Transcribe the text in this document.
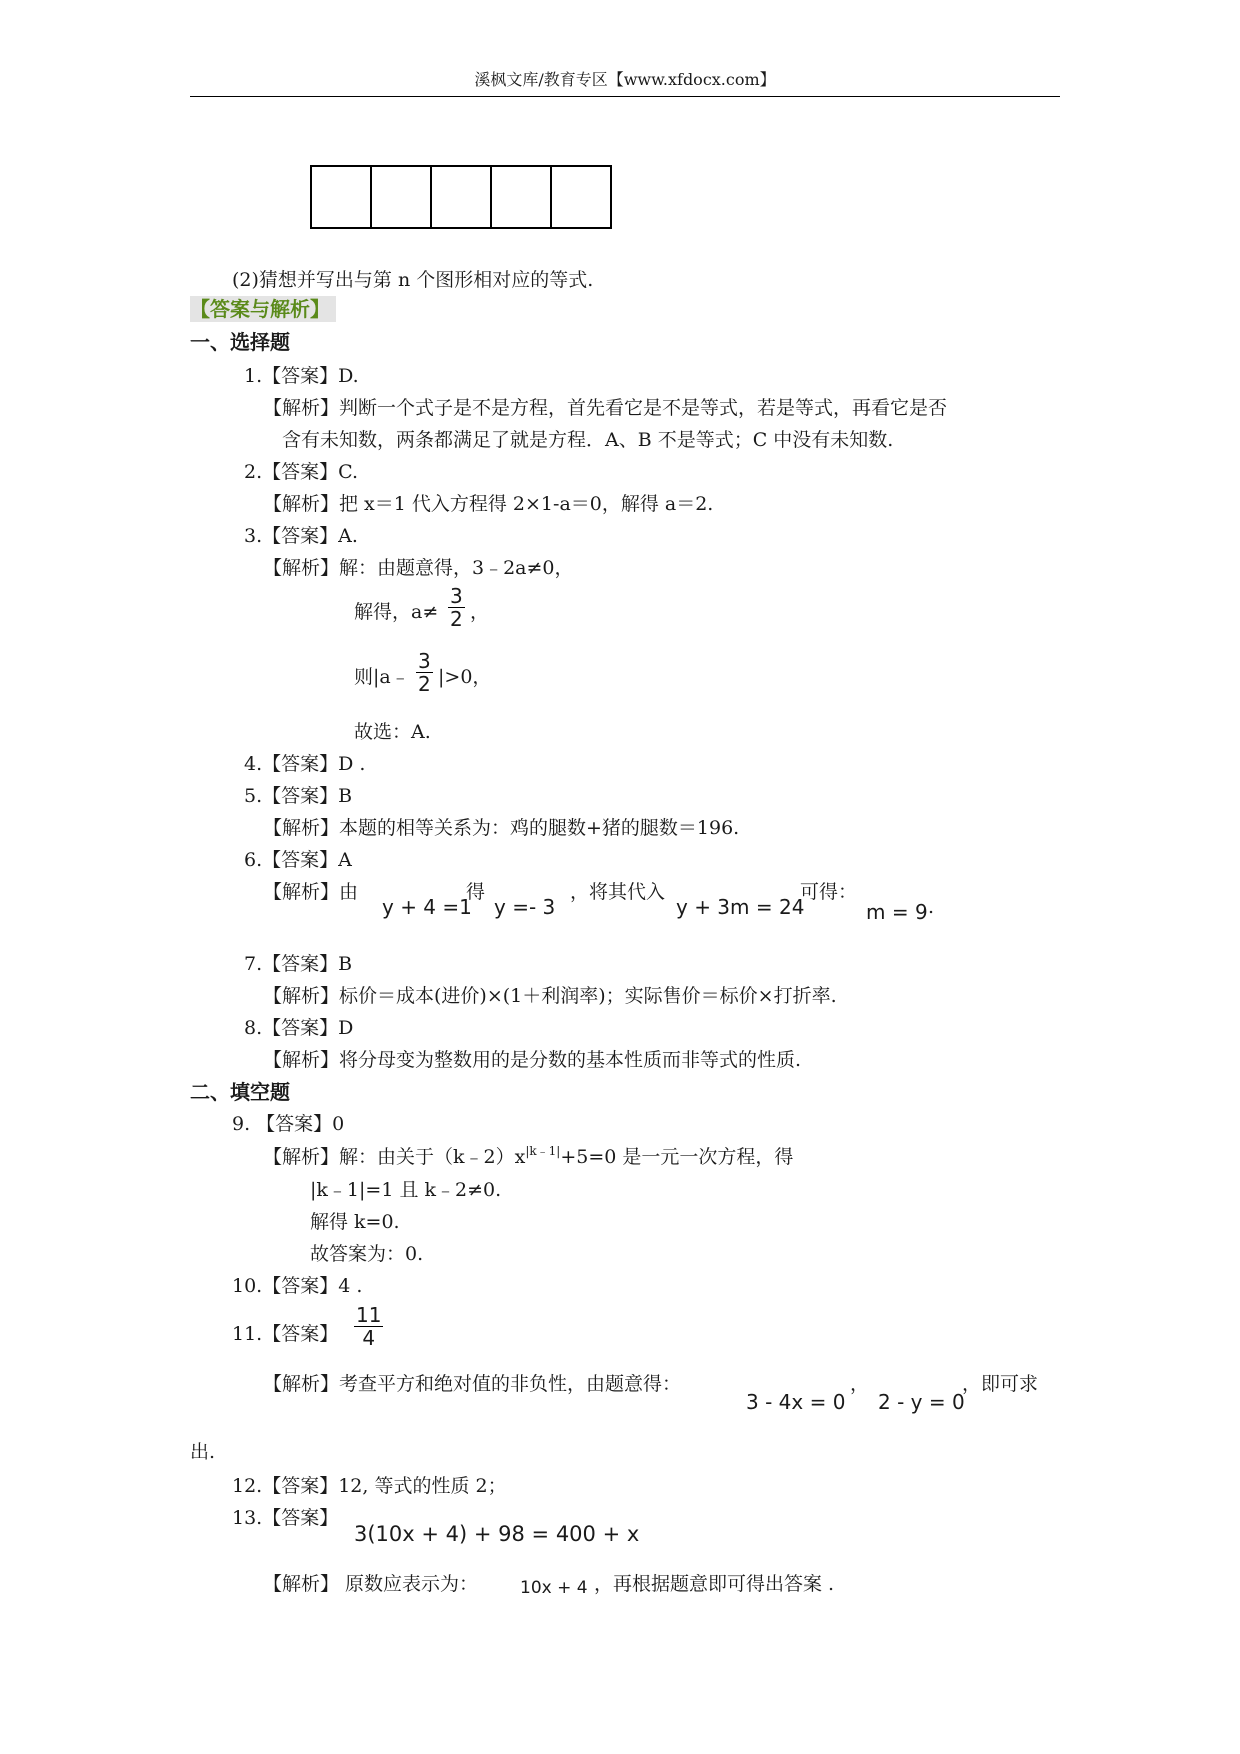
溪枫文库/教育专区【www.xfdocx.com】
(2)猜想并写出与第 n 个图形相对应的等式.
【答案与解析】
一、选择题
1.【答案】D.
【解析】判断一个式子是不是方程，首先看它是不是等式，若是等式，再看它是否
含有未知数，两条都满足了就是方程．A、B 不是等式；C 中没有未知数.
2.【答案】C.
【解析】把 x＝1 代入方程得 2×1-a＝0，解得 a＝2.
3.【答案】A.
【解析】解：由题意得，3﹣2a≠0，
解得，$a\ne \frac{3}{2}$ ，
则|a﹣ $\frac{3}{2} |>0$，
故选：A.
4.【答案】D .
5.【答案】B
【解析】本题的相等关系为：鸡的腿数+猪的腿数＝196.
6.【答案】A
【解析】由
y + 4 =1
得
y =- 3
，将其代入
y + 3m = 24
可得：
m = 9 .
7.【答案】B
【解析】标价＝成本(进价)×(1＋利润率)；实际售价＝标价×打折率.
8.【答案】D
【解析】将分母变为整数用的是分数的基本性质而非等式的性质.
二、填空题
9. 【答案】0
【解析】解：由关于$(k﹣2)x^{|k﹣1|}+5=0$ 是一元一次方程，得
|k﹣1|=1 且 k﹣2≠0.
解得 k=0.
故答案为：0.
10.【答案】4 .
11.【答案】 $\frac{11}{4}$
【解析】考查平方和绝对值的非负性，由题意得：
3 - 4x = 0
，
2 - y = 0
，即可求
出.
12.【答案】12, 等式的性质 2；
13.【答案】
3(10x + 4) + 98 = 400 + x
【解析】 原数应表示为： 10x + 4 ，再根据题意即可得出答案 .
